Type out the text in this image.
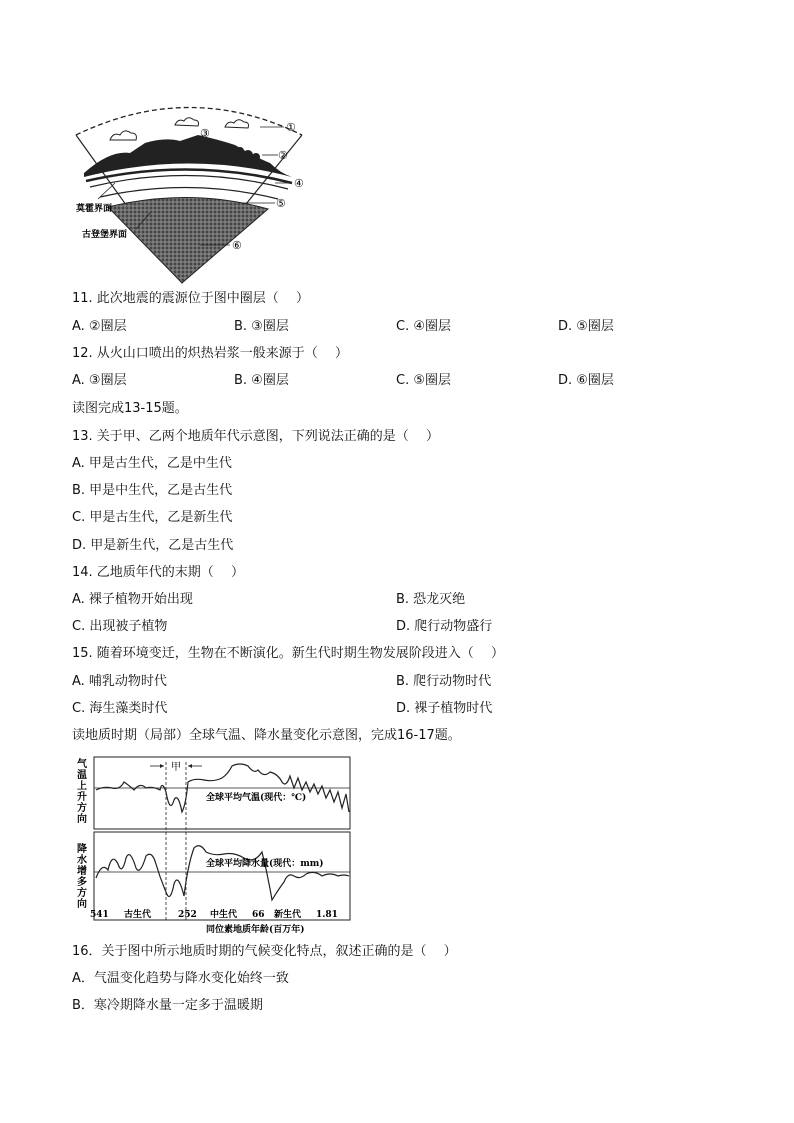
①
②
③
④
⑤
⑥
莫霍界面
古登堡界面
11. 此次地震的震源位于图中圈层（　 ）
A. ②圈层	B. ③圈层	C. ④圈层	D. ⑤圈层
12. 从火山口喷出的炽热岩浆一般来源于（　 ）
A. ③圈层	B. ④圈层	C. ⑤圈层	D. ⑥圈层
读图完成13-15题。
13. 关于甲、乙两个地质年代示意图，下列说法正确的是（　 ）
A. 甲是古生代，乙是中生代
B. 甲是中生代，乙是古生代
C. 甲是古生代，乙是新生代
D. 甲是新生代，乙是古生代
14. 乙地质年代的末期（　 ）
A. 裸子植物开始出现	B. 恐龙灭绝
C. 出现被子植物	D. 爬行动物盛行
15. 随着环境变迁，生物在不断演化。新生代时期生物发展阶段进入（　 ）
A. 哺乳动物时代	B. 爬行动物时代
C. 海生藻类时代	D. 裸子植物时代
读地质时期（局部）全球气温、降水量变化示意图，完成16-17题。
气
温
上
升
方
向
降
水
增
多
方
向
甲
全球平均气温(现代：℃)
全球平均降水量(现代：mm)
541 古生代	252 中生代 66 新生代 1.81
同位素地质年龄(百万年)
16．关于图中所示地质时期的气候变化特点，叙述正确的是（　 ）
A．气温变化趋势与降水变化始终一致
B．寒冷期降水量一定多于温暖期
